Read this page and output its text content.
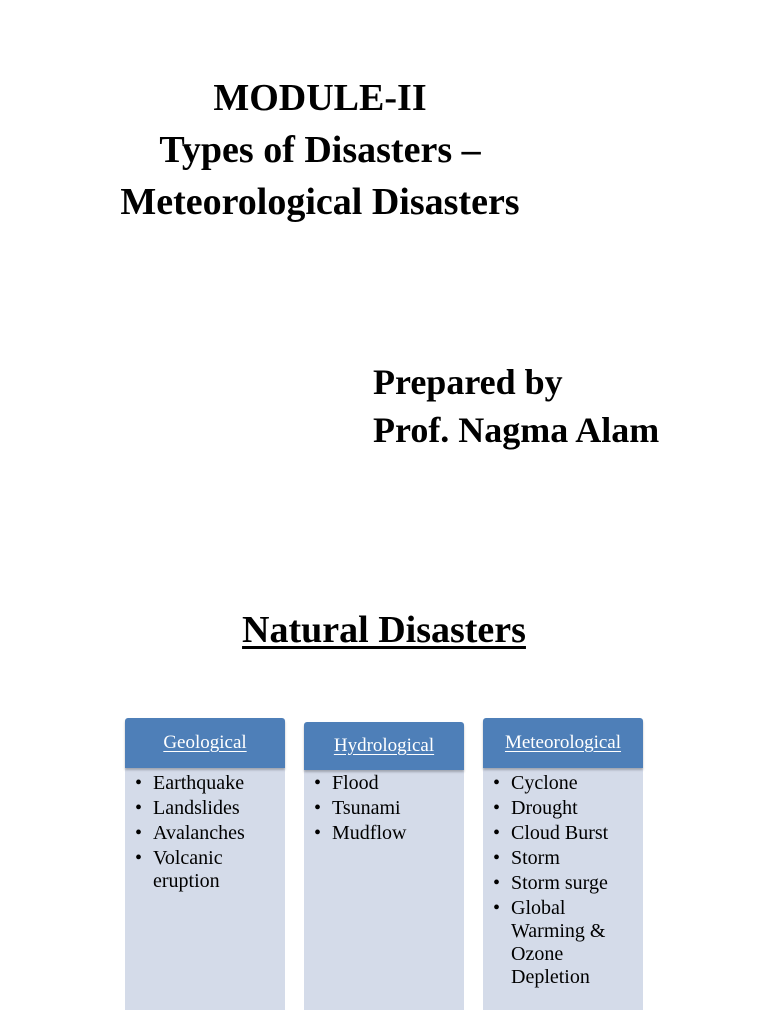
MODULE-II
Types of Disasters –
Meteorological Disasters
Prepared by
Prof. Nagma Alam
Natural Disasters
Geological
• Earthquake
• Landslides
• Avalanches
• Volcanic eruption
Hydrological
• Flood
• Tsunami
• Mudflow
Meteorological
• Cyclone
• Drought
• Cloud Burst
• Storm
• Storm surge
• Global Warming & Ozone Depletion
